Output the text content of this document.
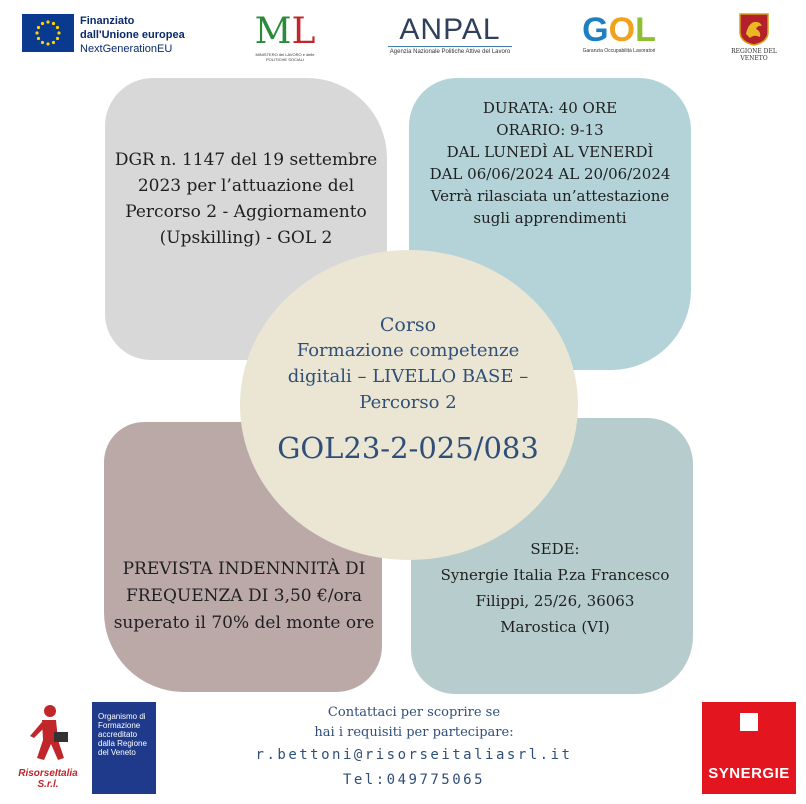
Finanziato
dall'Unione europea
NextGenerationEU	ML
MINISTERO del LAVORO e delle POLITICHE SOCIALI
ANPAL
Agenzia Nazionale Politiche Attive del Lavoro
GOL
Garanzia Occupabilità Lavoratori	REGIONE DEL VENETO
DGR n. 1147 del 19 settembre 2023 per l’attuazione del Percorso 2 - Aggiornamento (Upskilling) - GOL 2
DURATA: 40 ORE
ORARIO: 9-13
DAL LUNEDÌ AL VENERDÌ
DAL 06/06/2024 AL 20/06/2024
Verrà rilasciata un’attestazione sugli apprendimenti
PREVISTA INDENNNITÀ DI FREQUENZA DI 3,50 €/ora superato il 70% del monte ore
SEDE:
Synergie Italia P.za Francesco
Filippi, 25/26, 36063
Marostica (VI)
Corso
Formazione competenze
digitali – LIVELLO BASE –
Percorso 2
GOL23-2-025/083
RisorseItalia S.r.l.
Organismo di Formazione accreditato dalla Regione del Veneto
Contattaci per scoprire se
hai i requisiti per partecipare:
r.bettoni@risorseitaliasrl.it
Tel:049775065	SYNERGIE
